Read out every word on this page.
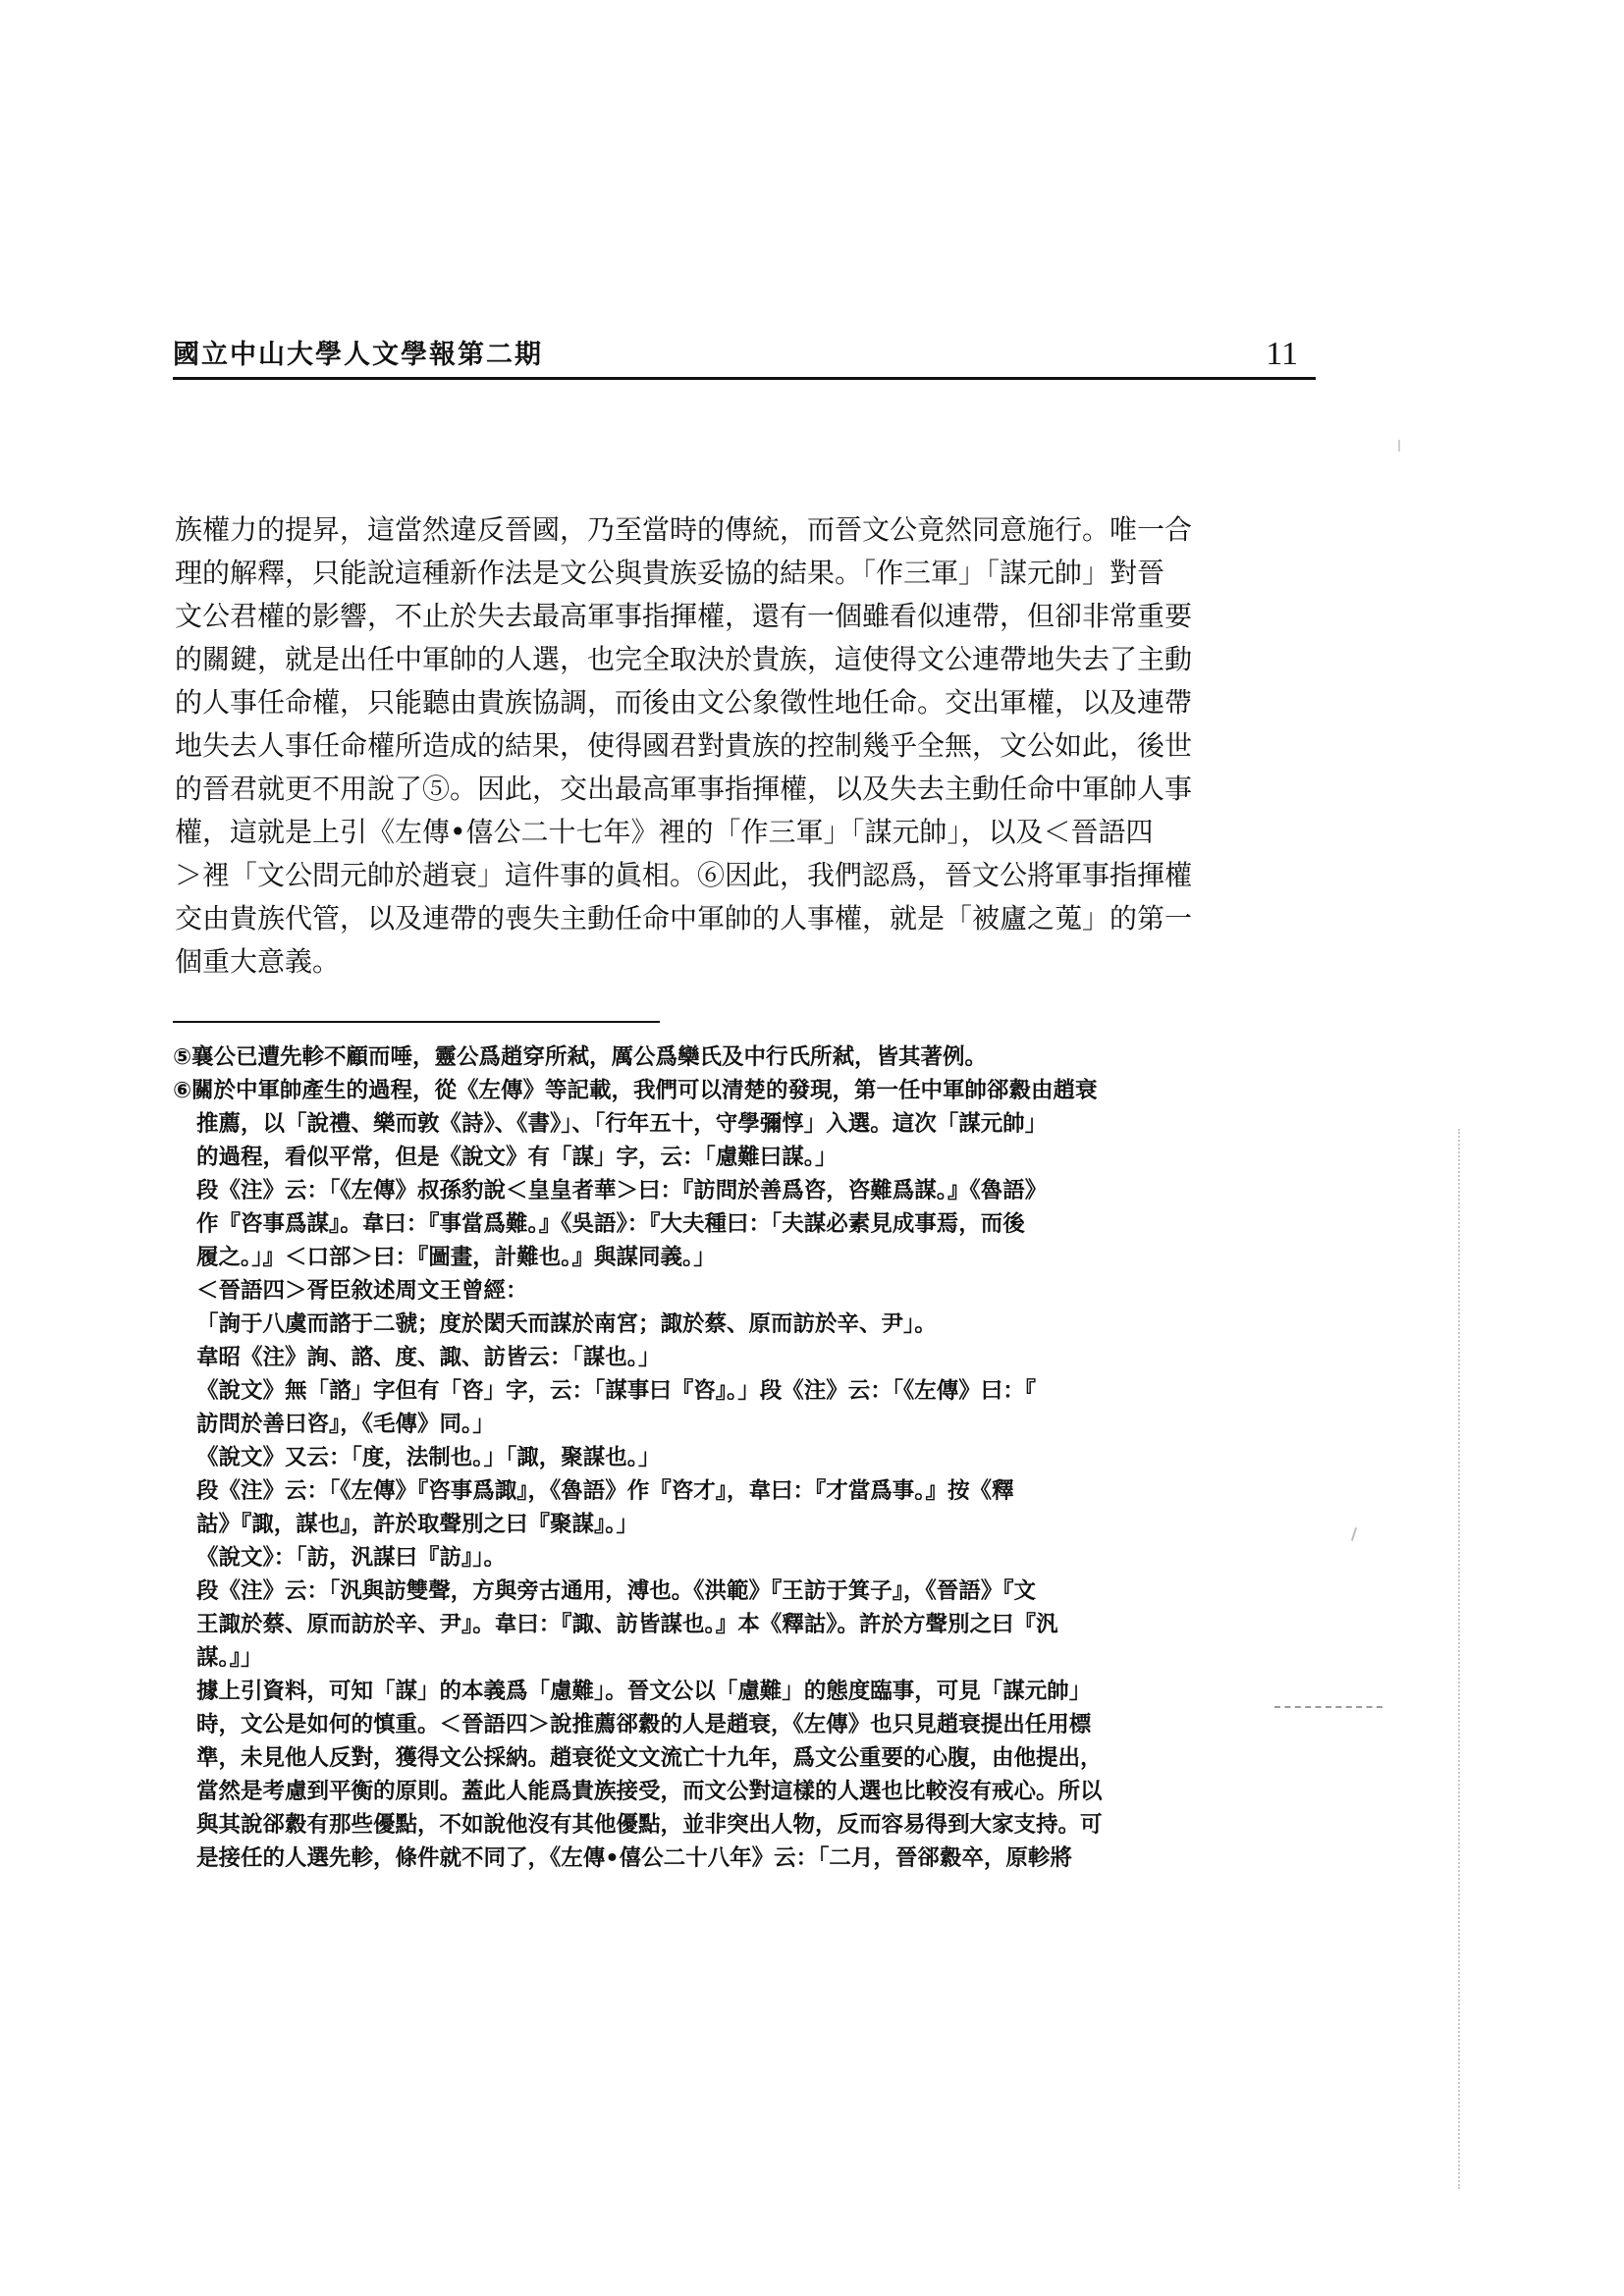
國立中山大學人文學報第二期	11
族權力的提昇，這當然違反晉國，乃至當時的傳統，而晉文公竟然同意施行。唯一合
理的解釋，只能說這種新作法是文公與貴族妥協的結果。「作三軍」「謀元帥」對晉
文公君權的影響，不止於失去最高軍事指揮權，還有一個雖看似連帶，但卻非常重要
的關鍵，就是出任中軍帥的人選，也完全取決於貴族，這使得文公連帶地失去了主動
的人事任命權，只能聽由貴族協調，而後由文公象徵性地任命。交出軍權，以及連帶
地失去人事任命權所造成的結果，使得國君對貴族的控制幾乎全無，文公如此，後世
的晉君就更不用說了⑤。因此，交出最高軍事指揮權，以及失去主動任命中軍帥人事
權，這就是上引《左傳•僖公二十七年》裡的「作三軍」「謀元帥」，以及＜晉語四
＞裡「文公問元帥於趙衰」這件事的眞相。⑥因此，我們認爲，晉文公將軍事指揮權
交由貴族代管，以及連帶的喪失主動任命中軍帥的人事權，就是「被廬之蒐」的第一
個重大意義。
⑤襄公已遭先軫不顧而唾，靈公爲趙穿所弒，厲公爲欒氏及中行氏所弒，皆其著例。
⑥關於中軍帥產生的過程，從《左傳》等記載，我們可以清楚的發現，第一任中軍帥郤縠由趙衰
推薦，以「說禮、樂而敦《詩》、《書》」、「行年五十，守學彌惇」入選。這次「謀元帥」
的過程，看似平常，但是《說文》有「謀」字，云：「慮難曰謀。」
段《注》云：「《左傳》叔孫豹說＜皇皇者華＞曰：『訪問於善爲咨，咨難爲謀。』《魯語》
作『咨事爲謀』。韋曰：『事當爲難。』《吳語》：『大夫種曰：「夫謀必素見成事焉，而後
履之。」』＜口部＞曰：『圖畫，計難也。』與謀同義。」
＜晉語四＞胥臣敘述周文王曾經：
「詢于八虞而諮于二虢；度於閎夭而謀於南宮；諏於蔡、原而訪於辛、尹」。
韋昭《注》詢、諮、度、諏、訪皆云：「謀也。」
《說文》無「諮」字但有「咨」字，云：「謀事曰『咨』。」段《注》云：「《左傳》曰：『
訪問於善曰咨』，《毛傳》同。」
《說文》又云：「度，法制也。」「諏，聚謀也。」
段《注》云：「《左傳》『咨事爲諏』，《魯語》作『咨才』，韋曰：『才當爲事。』按《釋
詁》『諏，謀也』，許於取聲別之曰『聚謀』。」
《說文》：「訪，汎謀曰『訪』」。
段《注》云：「汎與訪雙聲，方與旁古通用，溥也。《洪範》『王訪于箕子』，《晉語》『文
王諏於蔡、原而訪於辛、尹』。韋曰：『諏、訪皆謀也。』本《釋詁》。許於方聲別之曰『汎
謀。』」
據上引資料，可知「謀」的本義爲「慮難」。晉文公以「慮難」的態度臨事，可見「謀元帥」
時，文公是如何的慎重。＜晉語四＞說推薦郤縠的人是趙衰，《左傳》也只見趙衰提出任用標
準，未見他人反對，獲得文公採納。趙衰從文文流亡十九年，爲文公重要的心腹，由他提出，
當然是考慮到平衡的原則。蓋此人能爲貴族接受，而文公對這樣的人選也比較沒有戒心。所以
與其說郤縠有那些優點，不如說他沒有其他優點，並非突出人物，反而容易得到大家支持。可
是接任的人選先軫，條件就不同了，《左傳•僖公二十八年》云：「二月，晉郤縠卒，原軫將
